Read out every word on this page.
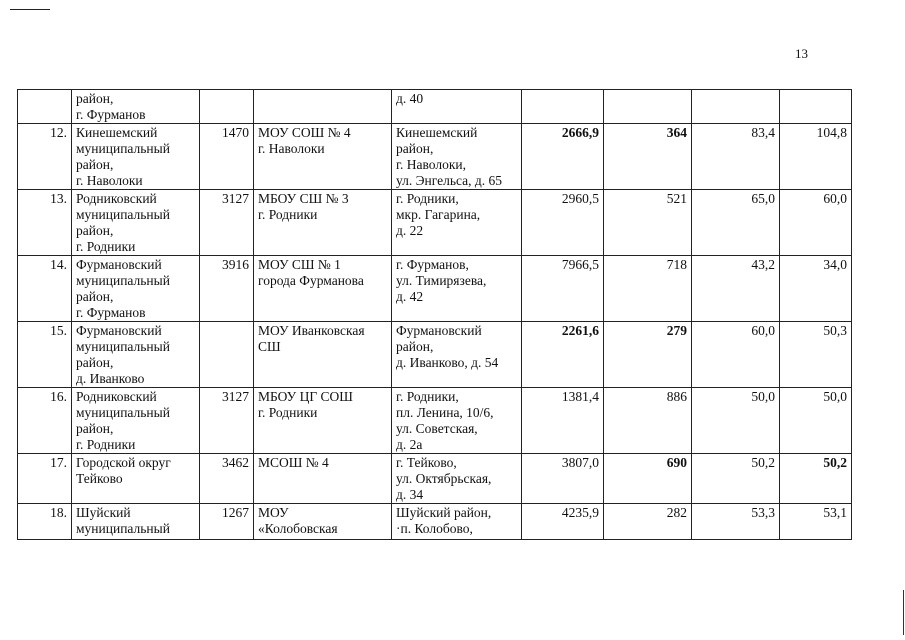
13
	район,
г. Фурманов			д. 40				
12.	Кинешемский
муниципальный
район,
г. Наволоки	1470	МОУ СОШ № 4
г. Наволоки	Кинешемский
район,
г. Наволоки,
ул. Энгельса, д. 65	2666,9	364	83,4	104,8
13.	Родниковский
муниципальный
район,
г. Родники	3127	МБОУ СШ № 3
г. Родники	г. Родники,
мкр. Гагарина,
д. 22	2960,5	521	65,0	60,0
14.	Фурмановский
муниципальный
район,
г. Фурманов	3916	МОУ СШ № 1
города Фурманова	г. Фурманов,
ул. Тимирязева,
д. 42	7966,5	718	43,2	34,0
15.	Фурмановский
муниципальный
район,
д. Иванково		МОУ Иванковская
СШ	Фурмановский
район,
д. Иванково, д. 54	2261,6	279	60,0	50,3
16.	Родниковский
муниципальный
район,
г. Родники	3127	МБОУ ЦГ СОШ
г. Родники	г. Родники,
пл. Ленина, 10/6,
ул. Советская,
д. 2а	1381,4	886	50,0	50,0
17.	Городской округ
Тейково	3462	МСОШ № 4	г. Тейково,
ул. Октябрьская,
д. 34	3807,0	690	50,2	50,2
18.	Шуйский
муниципальный	1267	МОУ
«Колобовская	Шуйский район,
·п. Колобово,	4235,9	282	53,3	53,1
